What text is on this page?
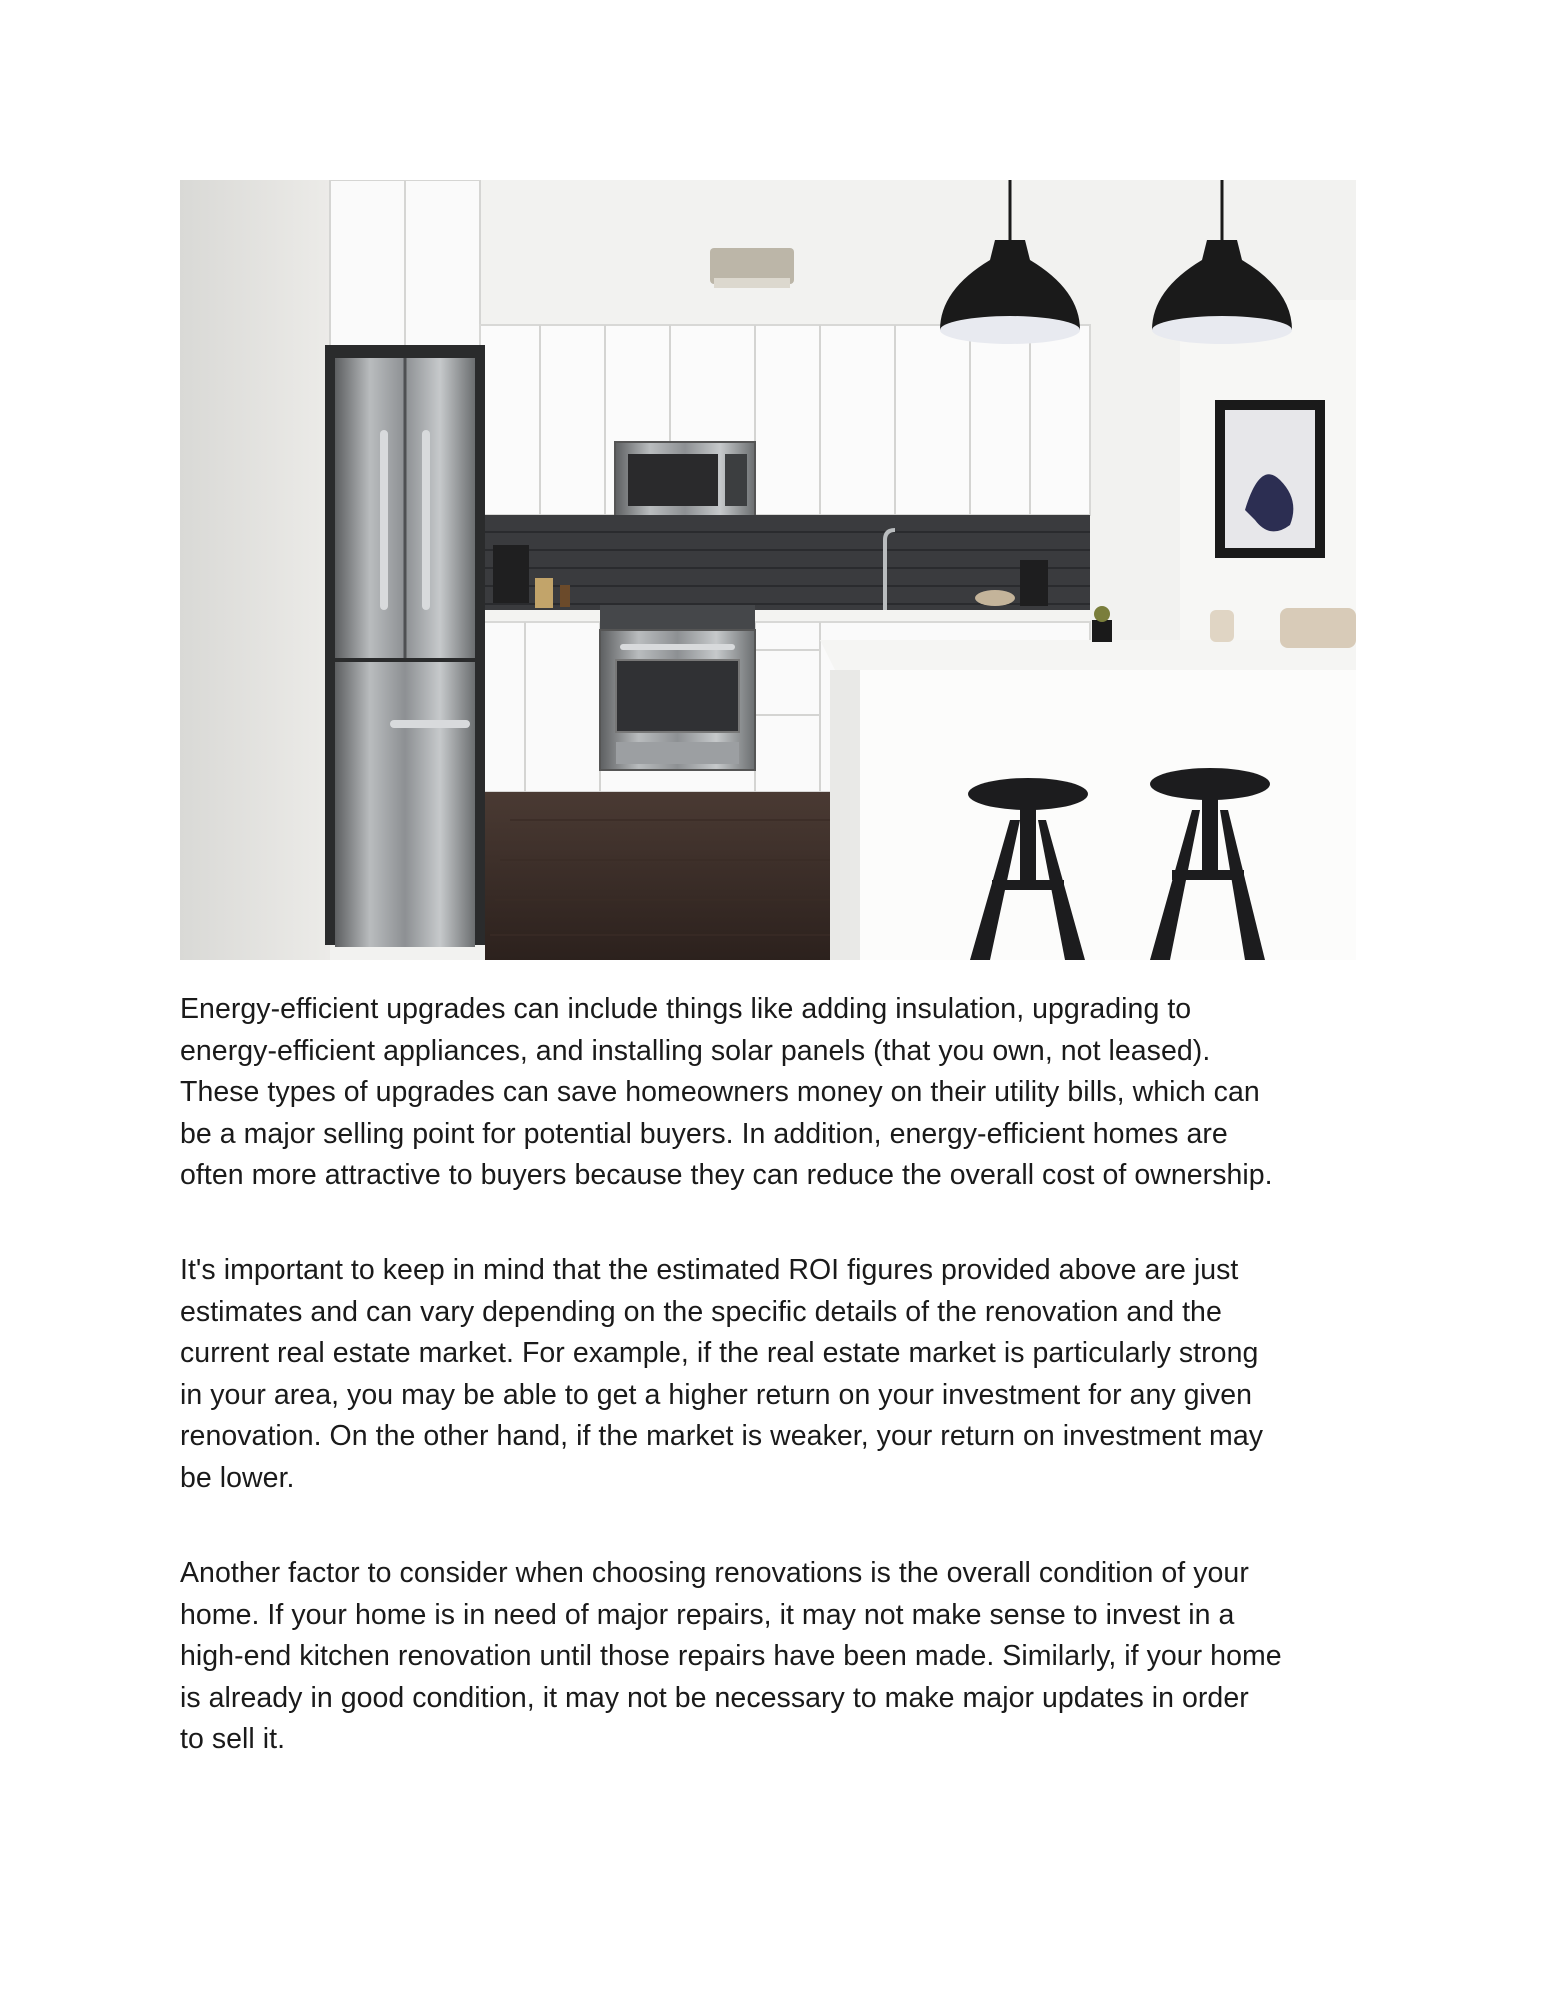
Energy-efficient upgrades can include things like adding insulation, upgrading to
energy-efficient appliances, and installing solar panels (that you own, not leased).
These types of upgrades can save homeowners money on their utility bills, which can
be a major selling point for potential buyers. In addition, energy-efficient homes are
often more attractive to buyers because they can reduce the overall cost of ownership.

It's important to keep in mind that the estimated ROI figures provided above are just
estimates and can vary depending on the specific details of the renovation and the
current real estate market. For example, if the real estate market is particularly strong
in your area, you may be able to get a higher return on your investment for any given
renovation. On the other hand, if the market is weaker, your return on investment may
be lower.

Another factor to consider when choosing renovations is the overall condition of your
home. If your home is in need of major repairs, it may not make sense to invest in a
high-end kitchen renovation until those repairs have been made. Similarly, if your home
is already in good condition, it may not be necessary to make major updates in order
to sell it.
